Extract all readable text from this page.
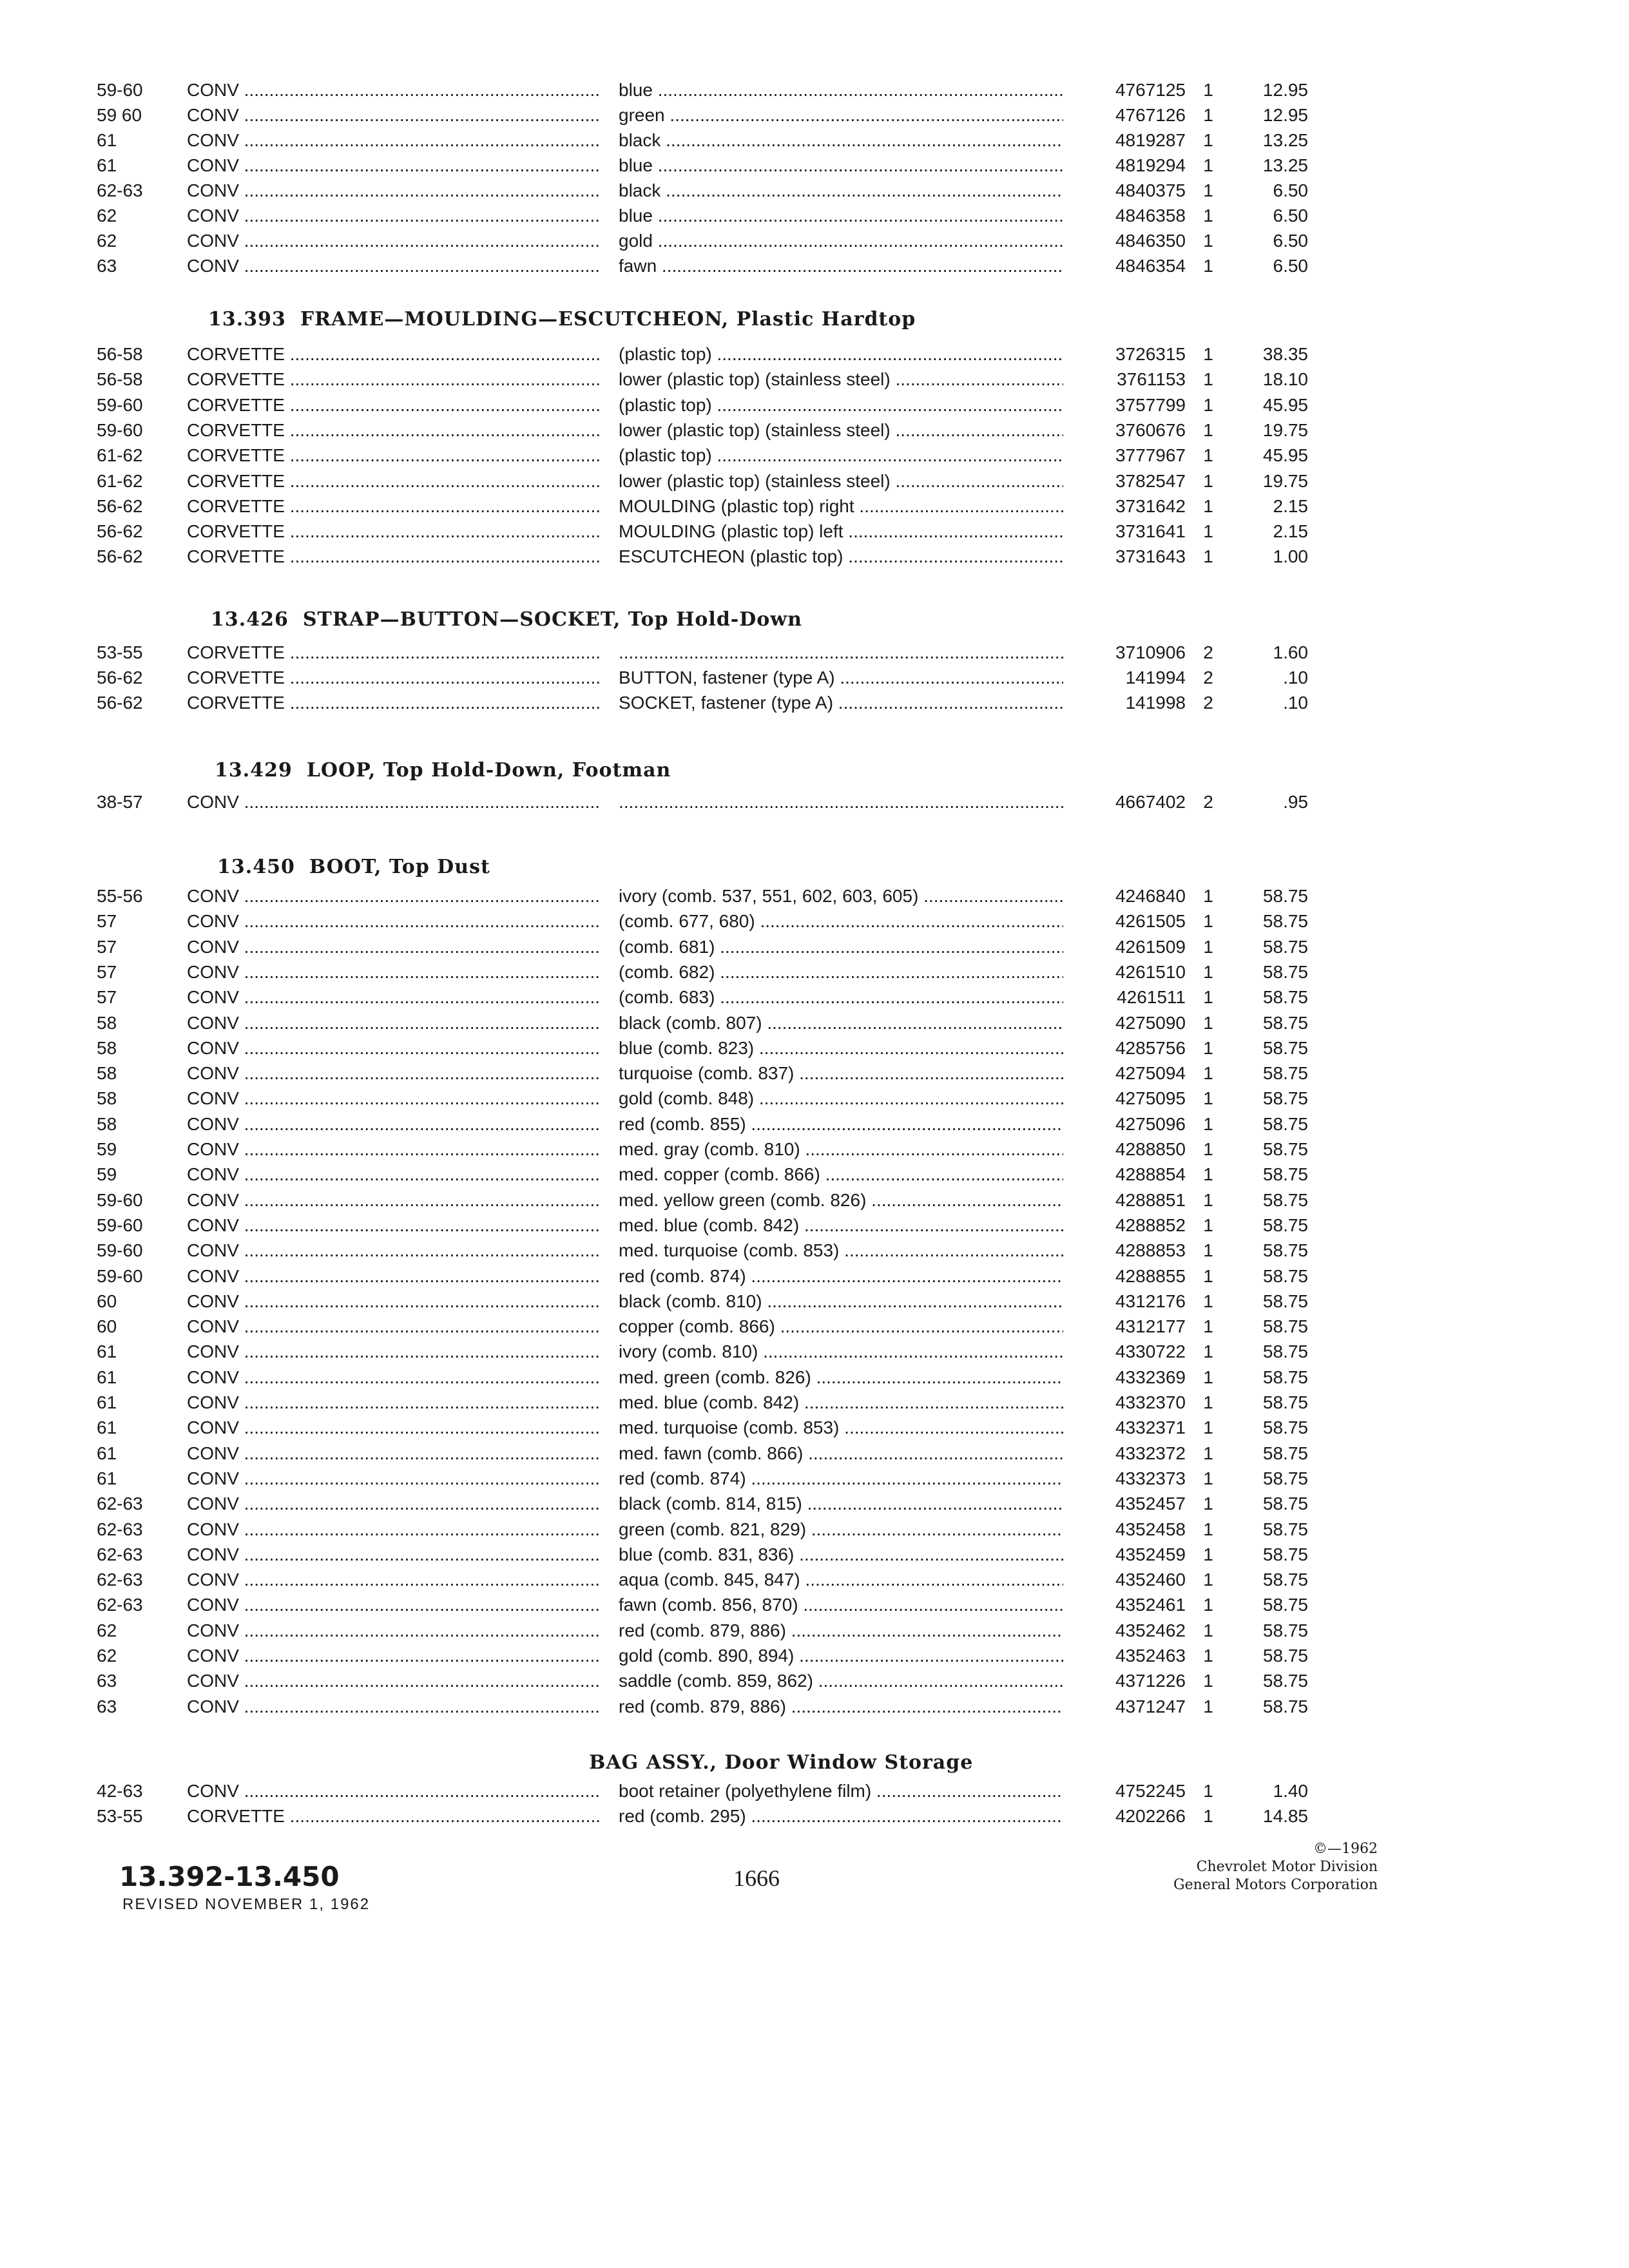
59-60	CONV .....	blue .....	4767125 1	12.95
59 60	CONV .....	green .....	4767126 1	12.95
61	CONV .....	black .....	4819287 1	13.25
61	CONV .....	blue .....	4819294 1	13.25
62-63	CONV .....	black .....	4840375 1	6.50
62	CONV .....	blue .....	4846358 1	6.50
62	CONV .....	gold .....	4846350 1	6.50
63	CONV .....	fawn .....	4846354 1	6.50
13.393 FRAME—MOULDING—ESCUTCHEON, Plastic Hardtop
56-58	CORVETTE .....	(plastic top) .....	3726315 1	38.35
56-58	CORVETTE .....	lower (plastic top) (stainless steel) .....	3761153 1	18.10
59-60	CORVETTE .....	(plastic top) .....	3757799 1	45.95
59-60	CORVETTE .....	lower (plastic top) (stainless steel) .....	3760676 1	19.75
61-62	CORVETTE .....	(plastic top) .....	3777967 1	45.95
61-62	CORVETTE .....	lower (plastic top) (stainless steel) .....	3782547 1	19.75
56-62	CORVETTE .....	MOULDING (plastic top) right .....	3731642 1	2.15
56-62	CORVETTE .....	MOULDING (plastic top) left .....	3731641 1	2.15
56-62	CORVETTE .....	ESCUTCHEON (plastic top) .....	3731643 1	1.00
13.426 STRAP—BUTTON—SOCKET, Top Hold-Down
53-55	CORVETTE ..... .....	3710906 2	1.60
56-62	CORVETTE .....	BUTTON, fastener (type A) .....	141994 2	.10
56-62	CORVETTE .....	SOCKET, fastener (type A) .....	141998 2	.10
13.429 LOOP, Top Hold-Down, Footman
38-57	CONV ..... .....	4667402 2	.95
13.450 BOOT, Top Dust
55-56	CONV .....	ivory (comb. 537, 551, 602, 603, 605) .....	4246840 1	58.75
57	CONV .....	(comb. 677, 680) .....	4261505 1	58.75
57	CONV .....	(comb. 681) .....	4261509 1	58.75
57	CONV .....	(comb. 682) .....	4261510 1	58.75
57	CONV .....	(comb. 683) .....	4261511 1	58.75
58	CONV .....	black (comb. 807) .....	4275090 1	58.75
58	CONV .....	blue (comb. 823) .....	4285756 1	58.75
58	CONV .....	turquoise (comb. 837) .....	4275094 1	58.75
58	CONV .....	gold (comb. 848) .....	4275095 1	58.75
58	CONV .....	red (comb. 855) .....	4275096 1	58.75
59	CONV .....	med. gray (comb. 810) .....	4288850 1	58.75
59	CONV .....	med. copper (comb. 866) .....	4288854 1	58.75
59-60	CONV .....	med. yellow green (comb. 826) .....	4288851 1	58.75
59-60	CONV .....	med. blue (comb. 842) .....	4288852 1	58.75
59-60	CONV .....	med. turquoise (comb. 853) .....	4288853 1	58.75
59-60	CONV .....	red (comb. 874) .....	4288855 1	58.75
60	CONV .....	black (comb. 810) .....	4312176 1	58.75
60	CONV .....	copper (comb. 866) .....	4312177 1	58.75
61	CONV .....	ivory (comb. 810) .....	4330722 1	58.75
61	CONV .....	med. green (comb. 826) .....	4332369 1	58.75
61	CONV .....	med. blue (comb. 842) .....	4332370 1	58.75
61	CONV .....	med. turquoise (comb. 853) .....	4332371 1	58.75
61	CONV .....	med. fawn (comb. 866) .....	4332372 1	58.75
61	CONV .....	red (comb. 874) .....	4332373 1	58.75
62-63	CONV .....	black (comb. 814, 815) .....	4352457 1	58.75
62-63	CONV .....	green (comb. 821, 829) .....	4352458 1	58.75
62-63	CONV .....	blue (comb. 831, 836) .....	4352459 1	58.75
62-63	CONV .....	aqua (comb. 845, 847) .....	4352460 1	58.75
62-63	CONV .....	fawn (comb. 856, 870) .....	4352461 1	58.75
62	CONV .....	red (comb. 879, 886) .....	4352462 1	58.75
62	CONV .....	gold (comb. 890, 894) .....	4352463 1	58.75
63	CONV .....	saddle (comb. 859, 862) .....	4371226 1	58.75
63	CONV .....	red (comb. 879, 886) .....	4371247 1	58.75
BAG ASSY., Door Window Storage
42-63	CONV .....	boot retainer (polyethylene film) .....	4752245 1	1.40
53-55	CORVETTE .....	red (comb. 295) .....	4202266 1	14.85
13.392-13.450
REVISED NOVEMBER 1, 1962
1666
©—1962
Chevrolet Motor Division
General Motors Corporation
